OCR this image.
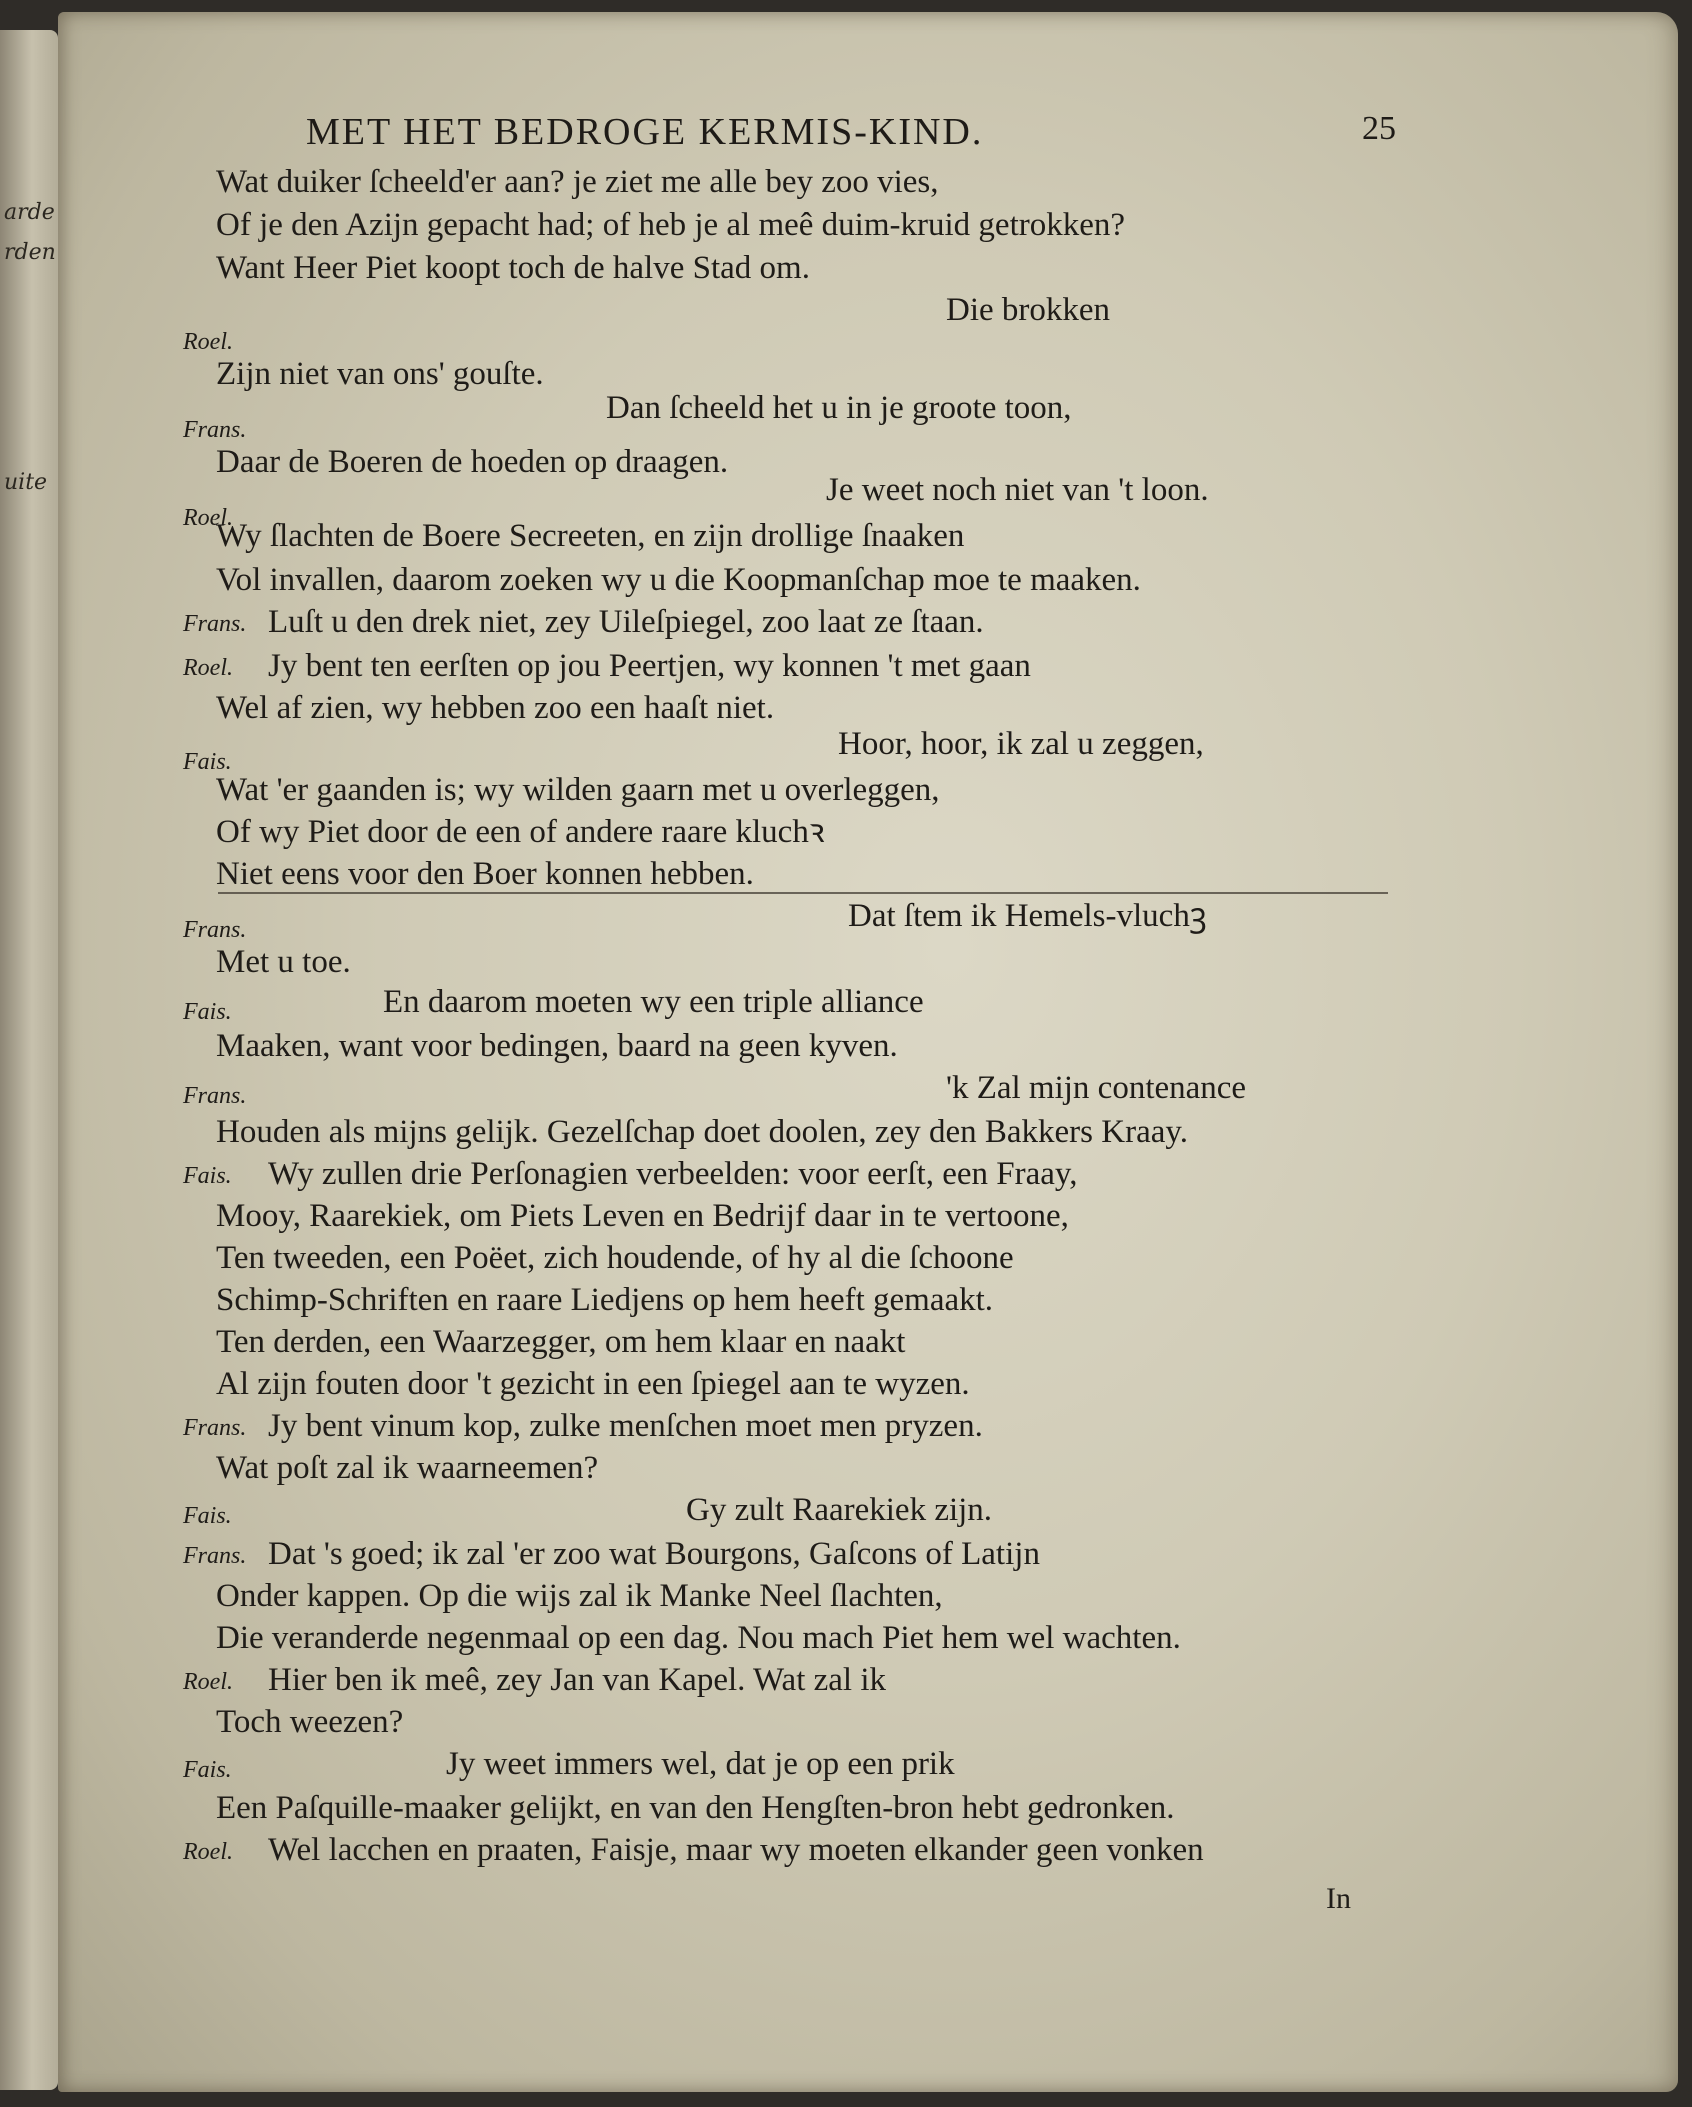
arde
rden
uite
MET HET BEDROGE KERMIS-KIND.	25
Wat duiker ſcheeld'er aan? je ziet me alle bey zoo vies,
Of je den Azijn gepacht had; of heb je al meê duim-kruid getrokken?
Want Heer Piet koopt toch de halve Stad om.
Die brokken
Roel.
Zijn niet van ons' gouſte.
Frans.
Dan ſcheeld het u in je groote toon,
Daar de Boeren de hoeden op draagen.
Roel.
Je weet noch niet van 't loon.
Wy ſlachten de Boere Secreeten, en zijn drollige ſnaaken
Vol invallen, daarom zoeken wy u die Koopmanſchap moe te maaken.
Frans. Luſt u den drek niet, zey Uileſpiegel, zoo laat ze ſtaan.
Roel. Jy bent ten eerſten op jou Peertjen, wy konnen 't met gaan
Wel af zien, wy hebben zoo een haaſt niet.
Fais.	Hoor, hoor, ik zal u zeggen,
Wat 'er gaanden is; wy wilden gaarn met u overleggen,
Of wy Piet door de een of andere raare kluchꝛ
Niet eens voor den Boer konnen hebben.
Frans.	Dat ſtem ik Hemels-vluchꝫ
Met u toe.
Fais.	En daarom moeten wy een triple alliance
Maaken, want voor bedingen, baard na geen kyven.
Frans.	'k Zal mijn contenance
Houden als mijns gelijk. Gezelſchap doet doolen, zey den Bakkers Kraay.
Fais. Wy zullen drie Perſonagien verbeelden: voor eerſt, een Fraay,
Mooy, Raarekiek, om Piets Leven en Bedrijf daar in te vertoone,
Ten tweeden, een Poëet, zich houdende, of hy al die ſchoone
Schimp-Schriften en raare Liedjens op hem heeft gemaakt.
Ten derden, een Waarzegger, om hem klaar en naakt
Al zijn fouten door 't gezicht in een ſpiegel aan te wyzen.
Frans. Jy bent vinum kop, zulke menſchen moet men pryzen.
Wat poſt zal ik waarneemen?
Fais.	Gy zult Raarekiek zijn.
Frans. Dat 's goed; ik zal 'er zoo wat Bourgons, Gaſcons of Latijn
Onder kappen. Op die wijs zal ik Manke Neel ſlachten,
Die veranderde negenmaal op een dag. Nou mach Piet hem wel wachten.
Roel. Hier ben ik meê, zey Jan van Kapel. Wat zal ik
Toch weezen?
Fais.	Jy weet immers wel, dat je op een prik
Een Paſquille-maaker gelijkt, en van den Hengſten-bron hebt gedronken.
Roel. Wel lacchen en praaten, Faisje, maar wy moeten elkander geen vonken
In
